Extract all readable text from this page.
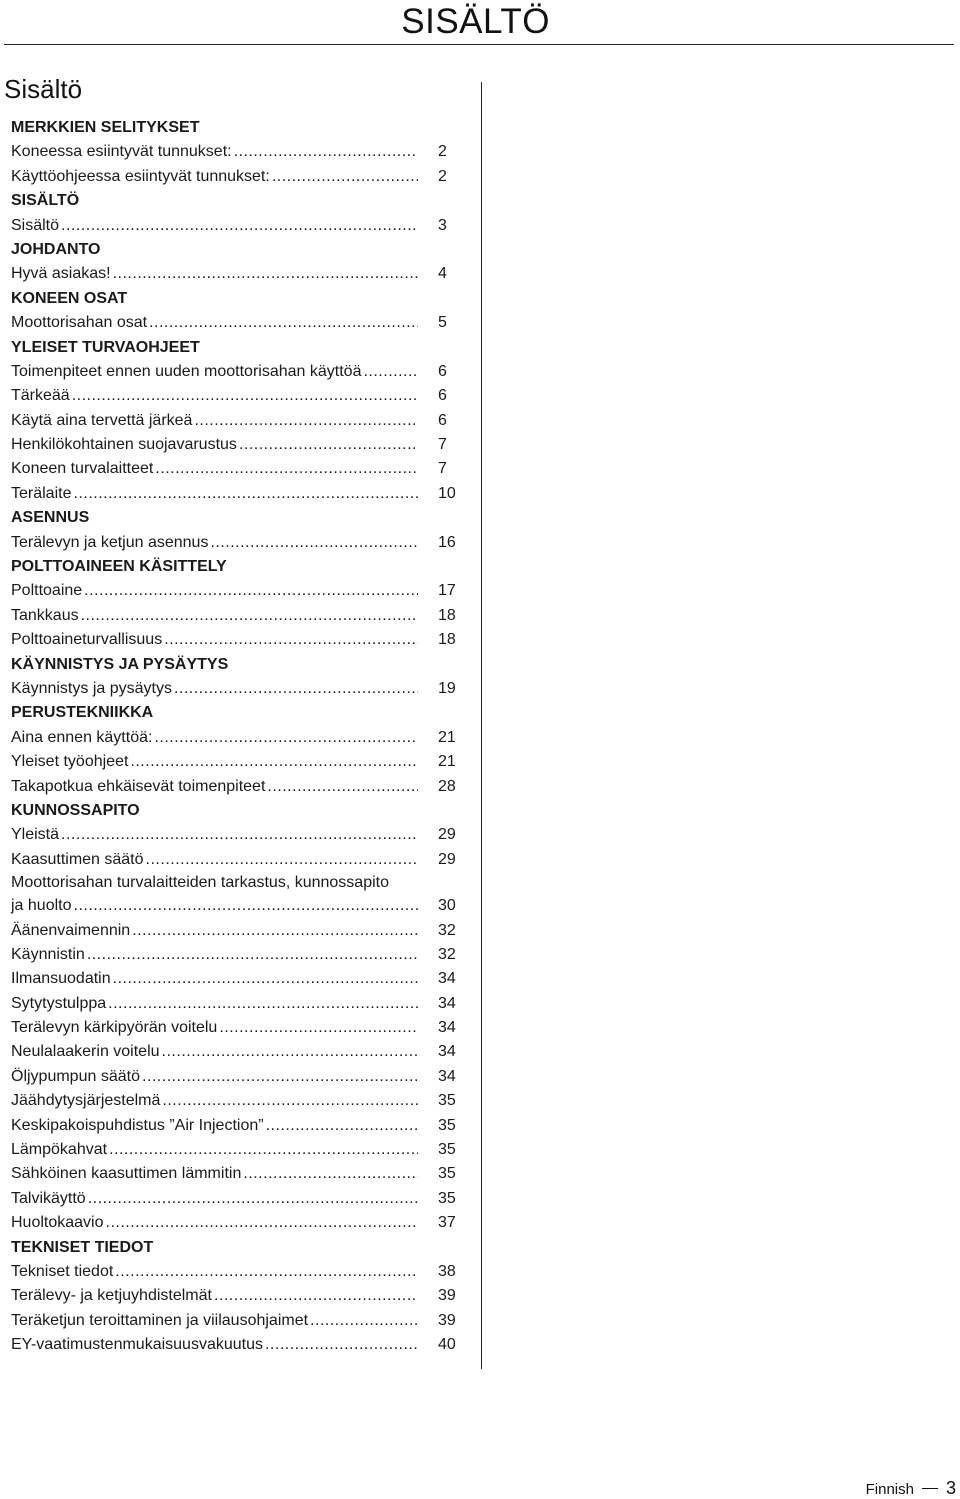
SISÄLTÖ
Sisältö
MERKKIEN SELITYKSET
Koneessa esiintyvät tunnukset: .....	2
Käyttöohjeessa esiintyvät tunnukset: .....	2
SISÄLTÖ
Sisältö .....	3
JOHDANTO
Hyvä asiakas! .....	4
KONEEN OSAT
Moottorisahan osat .....	5
YLEISET TURVAOHJEET
Toimenpiteet ennen uuden moottorisahan käyttöä .....	6
Tärkeää .....	6
Käytä aina tervettä järkeä .....	6
Henkilökohtainen suojavarustus .....	7
Koneen turvalaitteet .....	7
Terälaite .....	10
ASENNUS
Terälevyn ja ketjun asennus .....	16
POLTTOAINEEN KÄSITTELY
Polttoaine .....	17
Tankkaus .....	18
Polttoaineturvallisuus .....	18
KÄYNNISTYS JA PYSÄYTYS
Käynnistys ja pysäytys .....	19
PERUSTEKNIIKKA
Aina ennen käyttöä: .....	21
Yleiset työohjeet .....	21
Takapotkua ehkäisevät toimenpiteet .....	28
KUNNOSSAPITO
Yleistä .....	29
Kaasuttimen säätö .....	29
Moottorisahan turvalaitteiden tarkastus, kunnossapito
ja huolto .....	30
Äänenvaimennin .....	32
Käynnistin .....	32
Ilmansuodatin .....	34
Sytytystulppa .....	34
Terälevyn kärkipyörän voitelu .....	34
Neulalaakerin voitelu .....	34
Öljypumpun säätö .....	34
Jäähdytysjärjestelmä .....	35
Keskipakoispuhdistus ”Air Injection” .....	35
Lämpökahvat .....	35
Sähköinen kaasuttimen lämmitin .....	35
Talvikäyttö .....	35
Huoltokaavio .....	37
TEKNISET TIEDOT
Tekniset tiedot .....	38
Terälevy- ja ketjuyhdistelmät .....	39
Teräketjun teroittaminen ja viilausohjaimet .....	39
EY-vaatimustenmukaisuusvakuutus .....	40
Finnish 3
